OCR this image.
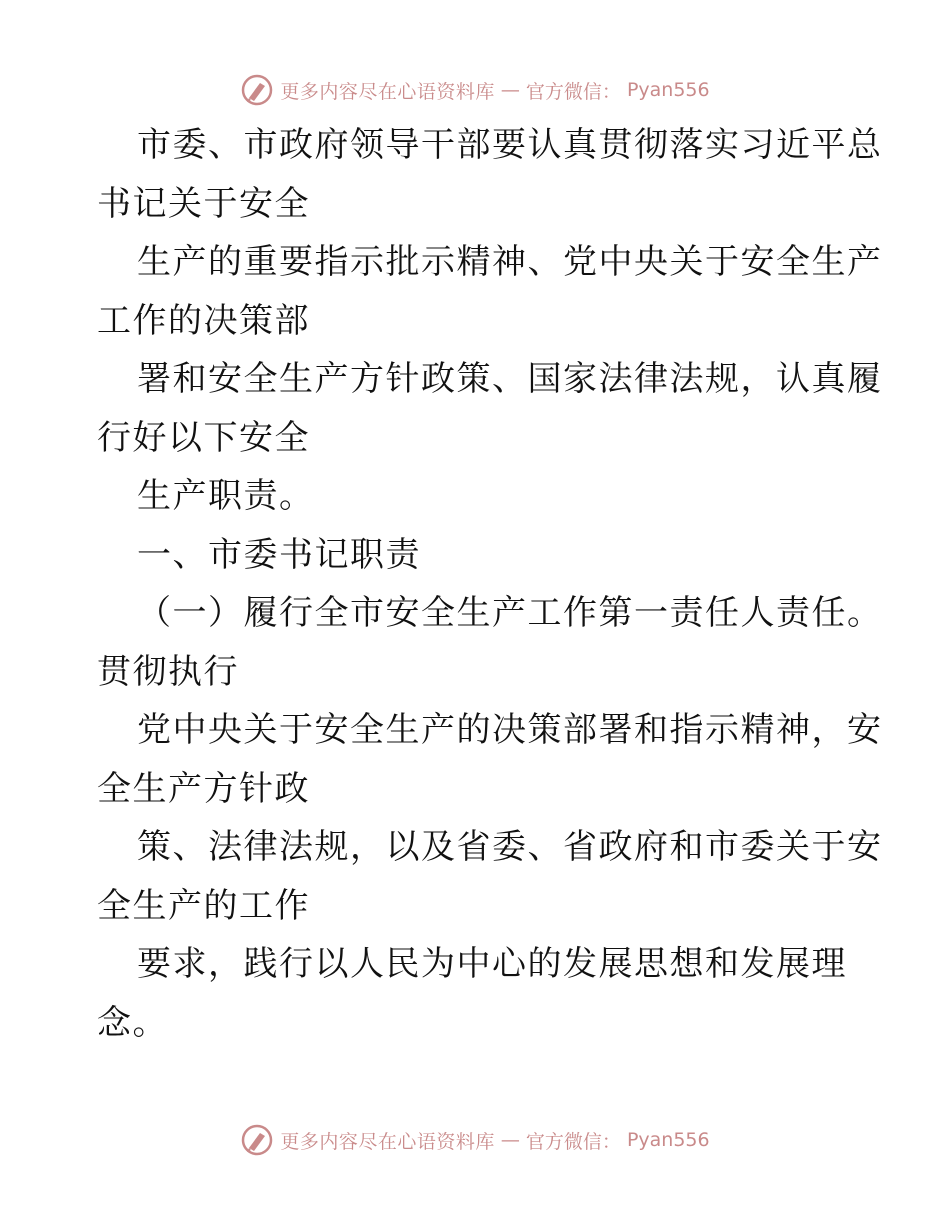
更多内容尽在心语资料库 — 官方微信： Pyan556
市委、市政府领导干部要认真贯彻落实习近平总
书记关于安全
生产的重要指示批示精神、党中央关于安全生产
工作的决策部
署和安全生产方针政策、国家法律法规，认真履
行好以下安全
生产职责。
一、市委书记职责
（一）履行全市安全生产工作第一责任人责任。
贯彻执行
党中央关于安全生产的决策部署和指示精神，安
全生产方针政
策、法律法规，以及省委、省政府和市委关于安
全生产的工作
要求，践行以人民为中心的发展思想和发展理
念。
更多内容尽在心语资料库 — 官方微信： Pyan556
